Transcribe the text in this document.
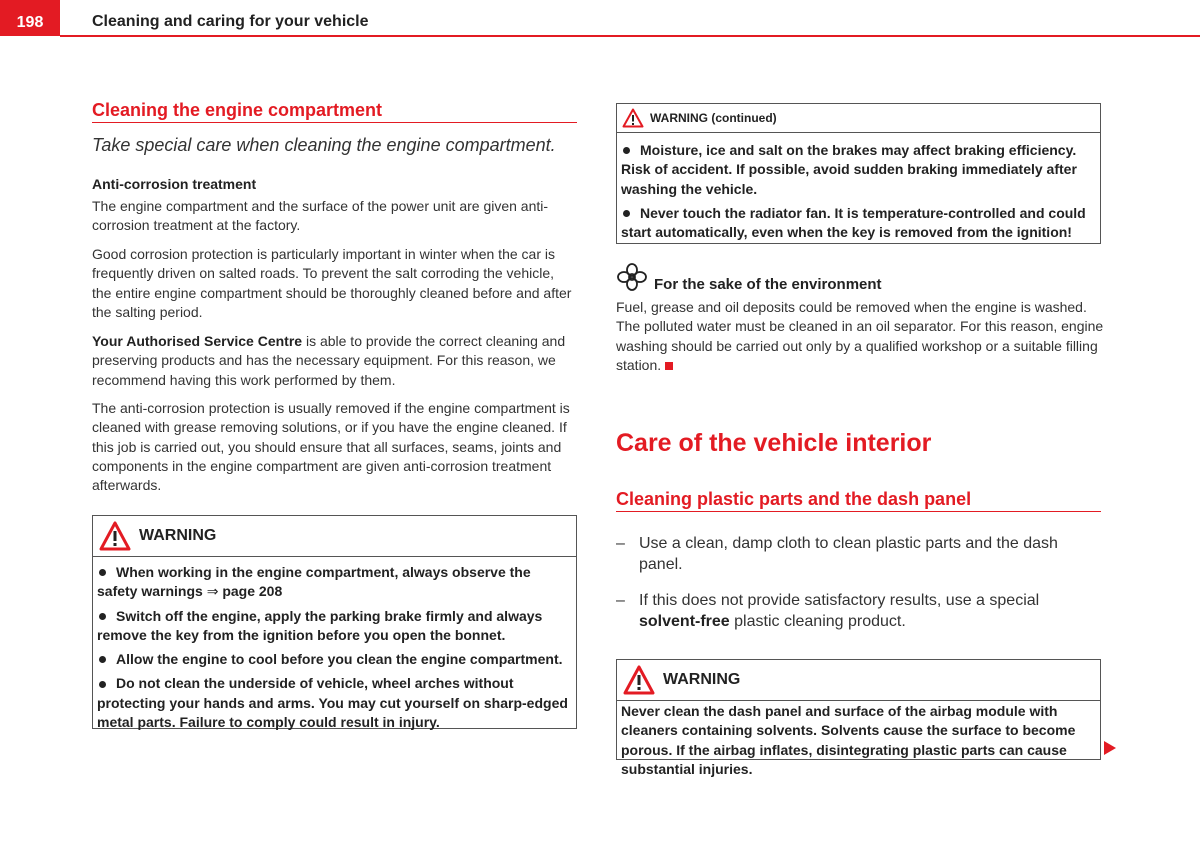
198	Cleaning and caring for your vehicle
Cleaning the engine compartment
Take special care when cleaning the engine compartment.
Anti-corrosion treatment
The engine compartment and the surface of the power unit are given anti-corrosion treatment at the factory.
Good corrosion protection is particularly important in winter when the car is frequently driven on salted roads. To prevent the salt corroding the vehicle, the entire engine compartment should be thoroughly cleaned before and after the salting period.
Your Authorised Service Centre is able to provide the correct cleaning and preserving products and has the necessary equipment. For this reason, we recommend having this work performed by them.
The anti-corrosion protection is usually removed if the engine compartment is cleaned with grease removing solutions, or if you have the engine cleaned. If this job is carried out, you should ensure that all surfaces, seams, joints and components in the engine compartment are given anti-corrosion treatment afterwards.
WARNING
When working in the engine compartment, always observe the safety warnings ⇒ page 208
Switch off the engine, apply the parking brake firmly and always remove the key from the ignition before you open the bonnet.
Allow the engine to cool before you clean the engine compartment.
Do not clean the underside of vehicle, wheel arches without protecting your hands and arms. You may cut yourself on sharp-edged metal parts. Failure to comply could result in injury.
WARNING (continued)
Moisture, ice and salt on the brakes may affect braking efficiency. Risk of accident. If possible, avoid sudden braking immediately after washing the vehicle.
Never touch the radiator fan. It is temperature-controlled and could start automatically, even when the key is removed from the ignition!
For the sake of the environment
Fuel, grease and oil deposits could be removed when the engine is washed. The polluted water must be cleaned in an oil separator. For this reason, engine washing should be carried out only by a qualified workshop or a suitable filling station.
Care of the vehicle interior
Cleaning plastic parts and the dash panel
– Use a clean, damp cloth to clean plastic parts and the dash panel.
– If this does not provide satisfactory results, use a special solvent-free plastic cleaning product.
WARNING
Never clean the dash panel and surface of the airbag module with cleaners containing solvents. Solvents cause the surface to become porous. If the airbag inflates, disintegrating plastic parts can cause substantial injuries.
